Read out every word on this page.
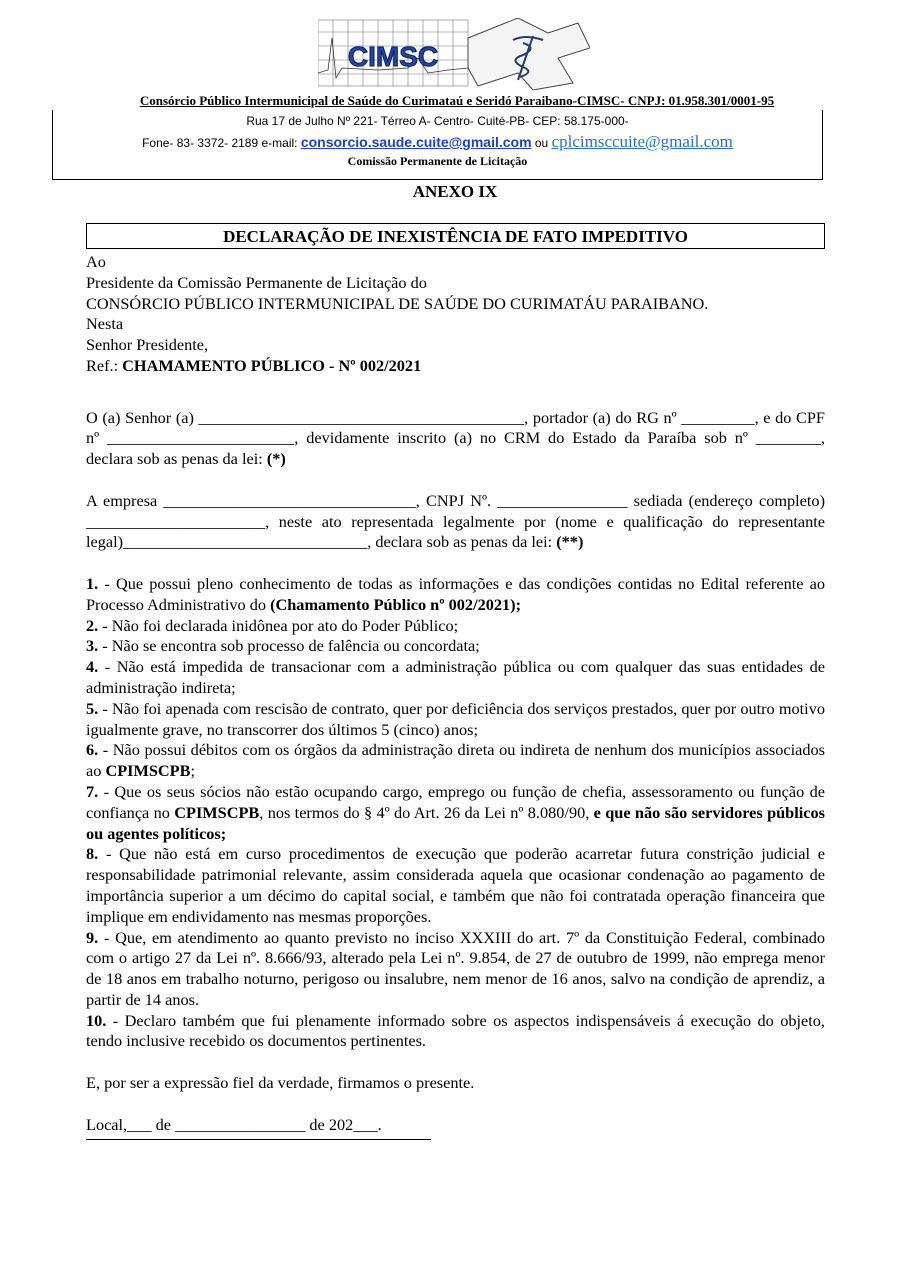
CIMSC
Consórcio Público Intermunicipal de Saúde do Curimataú e Seridó Paraibano-CIMSC- CNPJ: 01.958.301/0001-95
Rua 17 de Julho Nº 221- Térreo A- Centro- Cuité-PB- CEP: 58.175-000-
Fone- 83- 3372- 2189 e-mail: consorcio.saude.cuite@gmail.com ou cplcimsccuite@gmail.com
Comissão Permanente de Licitação
ANEXO IX
DECLARAÇÃO DE INEXISTÊNCIA DE FATO IMPEDITIVO

Ao

Presidente da Comissão Permanente de Licitação do

CONSÓRCIO PÚBLICO INTERMUNICIPAL DE SAÚDE DO CURIMATÁU PARAIBANO.

Nesta

Senhor Presidente,

Ref.: CHAMAMENTO PÚBLICO - Nº 002/2021

O (a) Senhor (a) ________________________________________, portador (a) do RG nº _________, e do CPF nº _______________________, devidamente inscrito (a) no CRM do Estado da Paraíba sob nº ________, declara sob as penas da lei: (*)

A empresa _______________________________, CNPJ Nº. ________________ sediada (endereço completo) ______________________, neste ato representada legalmente por (nome e qualificação do representante legal)______________________________, declara sob as penas da lei: (**)

1. - Que possui pleno conhecimento de todas as informações e das condições contidas no Edital referente ao Processo Administrativo do (Chamamento Público nº 002/2021);

2. - Não foi declarada inidônea por ato do Poder Público;

3. - Não se encontra sob processo de falência ou concordata;

4. - Não está impedida de transacionar com a administração pública ou com qualquer das suas entidades de administração indireta;

5. - Não foi apenada com rescisão de contrato, quer por deficiência dos serviços prestados, quer por outro motivo igualmente grave, no transcorrer dos últimos 5 (cinco) anos;

6. - Não possui débitos com os órgãos da administração direta ou indireta de nenhum dos municípios associados ao CPIMSCPB;

7. - Que os seus sócios não estão ocupando cargo, emprego ou função de chefia, assessoramento ou função de confiança no CPIMSCPB, nos termos do § 4º do Art. 26 da Lei nº 8.080/90, e que não são servidores públicos ou agentes políticos;

8. - Que não está em curso procedimentos de execução que poderão acarretar futura constrição judicial e responsabilidade patrimonial relevante, assim considerada aquela que ocasionar condenação ao pagamento de importância superior a um décimo do capital social, e também que não foi contratada operação financeira que implique em endividamento nas mesmas proporções.

9. - Que, em atendimento ao quanto previsto no inciso XXXIII do art. 7º da Constituição Federal, combinado com o artigo 27 da Lei nº. 8.666/93, alterado pela Lei nº. 9.854, de 27 de outubro de 1999, não emprega menor de 18 anos em trabalho noturno, perigoso ou insalubre, nem menor de 16 anos, salvo na condição de aprendiz, a partir de 14 anos.

10. - Declaro também que fui plenamente informado sobre os aspectos indispensáveis á execução do objeto, tendo inclusive recebido os documentos pertinentes.

E, por ser a expressão fiel da verdade, firmamos o presente.

Local,___ de ________________ de 202___.
